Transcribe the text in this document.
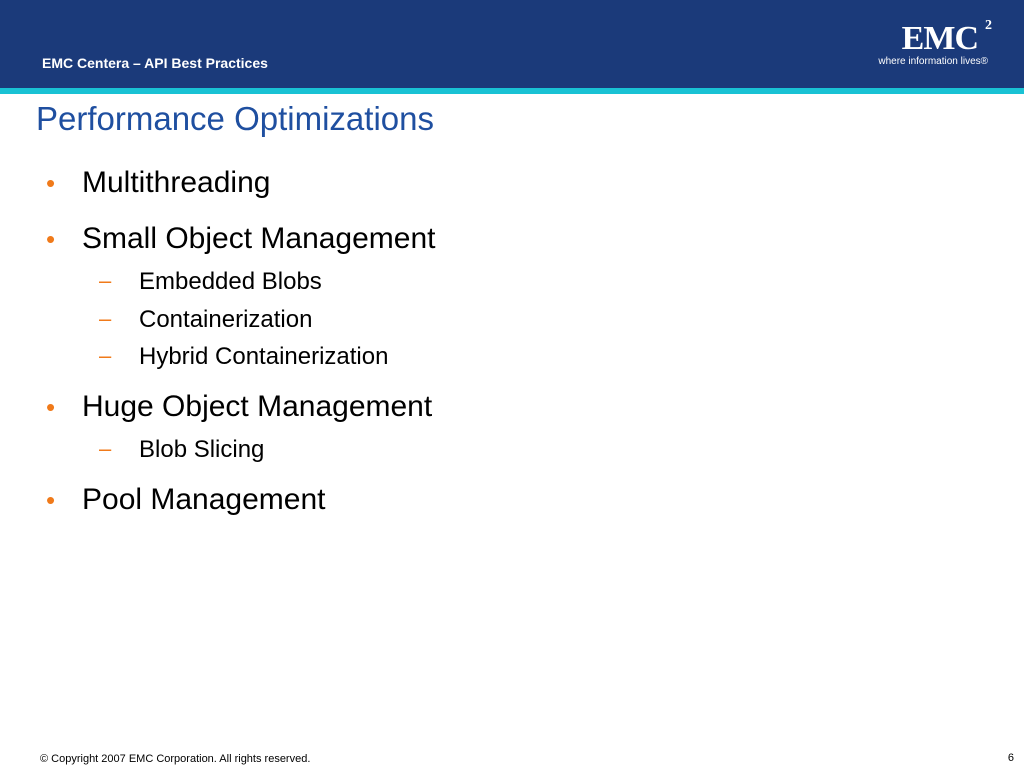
EMC Centera – API Best Practices
EMC 2
where information lives®
Performance Optimizations
• Multithreading
• Small Object Management
– Embedded Blobs
– Containerization
– Hybrid Containerization
• Huge Object Management
– Blob Slicing
• Pool Management
© Copyright 2007 EMC Corporation. All rights reserved.	6
